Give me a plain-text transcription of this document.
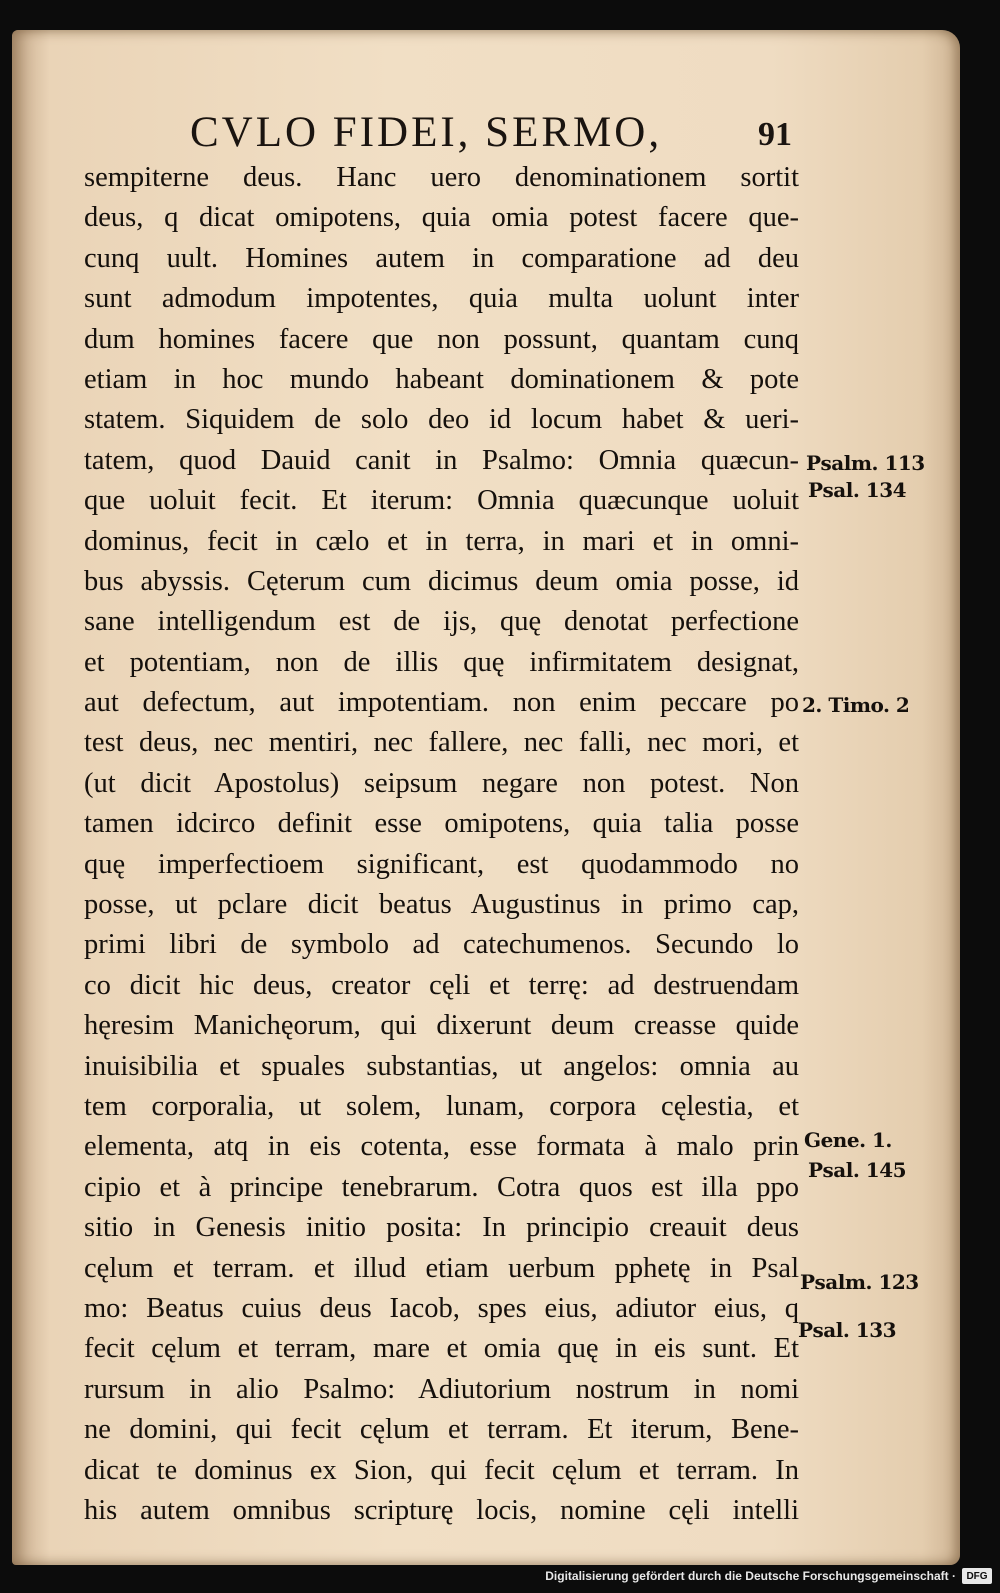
CVLO FIDEI, SERMO,	91
sempiterne deus. Hanc uero denominationem sortit
deus, q dicat omipotens, quia omia potest facere que-
cunq uult. Homines autem in comparatione ad deu
sunt admodum impotentes, quia multa uolunt inter
dum homines facere que non possunt, quantam cunq
etiam in hoc mundo habeant dominationem & pote
statem. Siquidem de solo deo id locum habet & ueri-
tatem, quod Dauid canit in Psalmo: Omnia quæcun-
que uoluit fecit. Et iterum: Omnia quæcunque uoluit
dominus, fecit in cælo et in terra, in mari et in omni-
bus abyssis. Cęterum cum dicimus deum omia posse, id
sane intelligendum est de ijs, quę denotat perfectione
et potentiam, non de illis quę infirmitatem designat,
aut defectum, aut impotentiam. non enim peccare po
test deus, nec mentiri, nec fallere, nec falli, nec mori, et
(ut dicit Apostolus) seipsum negare non potest. Non
tamen idcirco definit esse omipotens, quia talia posse
quę imperfectioem significant, est quodammodo no
posse, ut pclare dicit beatus Augustinus in primo cap,
primi libri de symbolo ad catechumenos. Secundo lo
co dicit hic deus, creator cęli et terrę: ad destruendam
hęresim Manichęorum, qui dixerunt deum creasse quide
inuisibilia et spuales substantias, ut angelos: omnia au
tem corporalia, ut solem, lunam, corpora cęlestia, et
elementa, atq in eis cotenta, esse formata à malo prin
cipio et à principe tenebrarum. Cotra quos est illa ppo
sitio in Genesis initio posita: In principio creauit deus
cęlum et terram. et illud etiam uerbum pphetę in Psal
mo: Beatus cuius deus Iacob, spes eius, adiutor eius, q
fecit cęlum et terram, mare et omia quę in eis sunt. Et
rursum in alio Psalmo: Adiutorium nostrum in nomi
ne domini, qui fecit cęlum et terram. Et iterum, Bene-
dicat te dominus ex Sion, qui fecit cęlum et terram. In
his autem omnibus scripturę locis, nomine cęli intelli
Psalm. 113
Psal. 134
2. Timo. 2
Gene. 1.
Psal. 145
Psalm. 123
Psal. 133
Digitalisierung gefördert durch die Deutsche Forschungsgemeinschaft ·	DFG
